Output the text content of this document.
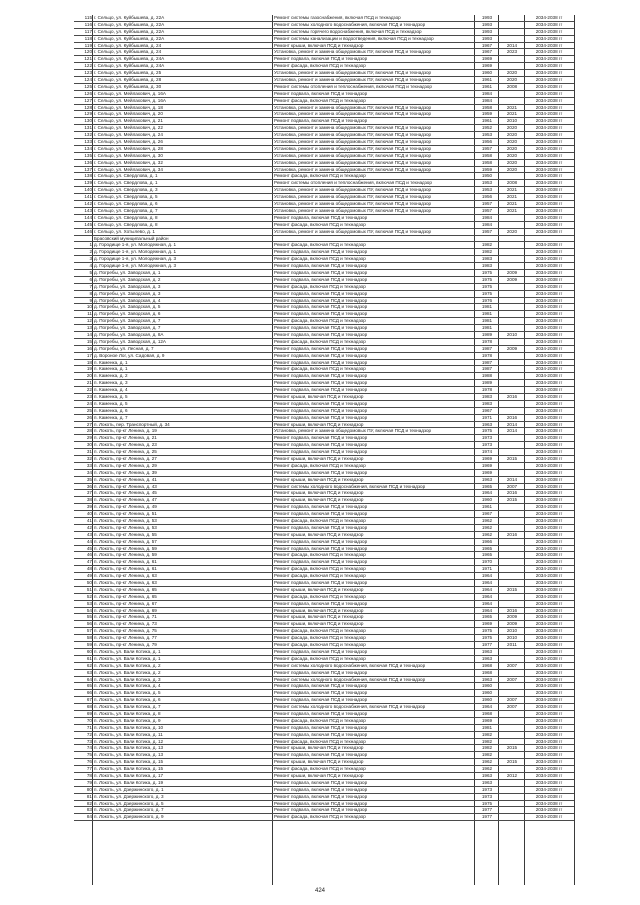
115 г. Сельцо, ул. Куйбышева, д. 22А	Ремонт системы газоснабжения, включая ПСД и технадзор	1993	2034-2038 гг
116 г. Сельцо, ул. Куйбышева, д. 22А	Ремонт системы холодного водоснабжения, включая ПСД и технадзор	1993	2034-2038 гг
117 г. Сельцо, ул. Куйбышева, д. 22А	Ремонт системы горячего водоснабжения, включая ПСД и технадзор	1993	2034-2038 гг
118 г. Сельцо, ул. Куйбышева, д. 22А	Ремонт системы канализации и водоотведения, включая ПСД и технадзор	1993	2034-2038 гг
119 г. Сельцо, ул. Куйбышева, д. 24	Ремонт крыши, включая ПСД и технадзор	1967	2014	2034-2038 гг
120 г. Сельцо, ул. Куйбышева, д. 24	Установка, ремонт и замена общедомовых ПУ, включая ПСД и технадзор	1967	2023	2034-2038 гг
121 г. Сельцо, ул. Куйбышева, д. 24А	Ремонт подвала, включая ПСД и технадзор	1969	2034-2038 гг
122 г. Сельцо, ул. Куйбышева, д. 24А	Ремонт фасада, включая ПСД и технадзор	1969	2034-2038 гг
123 г. Сельцо, ул. Куйбышева, д. 25	Установка, ремонт и замена общедомовых ПУ, включая ПСД и технадзор	1960	2020	2034-2038 гг
124 г. Сельцо, ул. Куйбышева, д. 28	Установка, ремонт и замена общедомовых ПУ, включая ПСД и технадзор	1961	2020	2034-2038 гг
125 г. Сельцо, ул. Куйбышева, д. 30	Ремонт системы отопления и теплоснабжения, включая ПСД и технадзор	1961	2008	2034-2038 гг
126 г. Сельцо, ул. Мейлахович, д. 16А	Ремонт подвала, включая ПСД и технадзор	1984	2034-2038 гг
127 г. Сельцо, ул. Мейлахович, д. 16А	Ремонт фасада, включая ПСД и технадзор	1984	2034-2038 гг
128 г. Сельцо, ул. Мейлахович, д. 18	Установка, ремонт и замена общедомовых ПУ, включая ПСД и технадзор	1958	2021	2034-2038 гг
129 г. Сельцо, ул. Мейлахович, д. 20	Установка, ремонт и замена общедомовых ПУ, включая ПСД и технадзор	1959	2021	2034-2038 гг
130 г. Сельцо, ул. Мейлахович, д. 21	Ремонт подвала, включая ПСД и технадзор	1961	2010	2034-2038 гг
131 г. Сельцо, ул. Мейлахович, д. 22	Установка, ремонт и замена общедомовых ПУ, включая ПСД и технадзор	1952	2020	2034-2038 гг
132 г. Сельцо, ул. Мейлахович, д. 24	Установка, ремонт и замена общедомовых ПУ, включая ПСД и технадзор	1953	2020	2034-2038 гг
133 г. Сельцо, ул. Мейлахович, д. 26	Установка, ремонт и замена общедомовых ПУ, включая ПСД и технадзор	1956	2020	2034-2038 гг
134 г. Сельцо, ул. Мейлахович, д. 28	Установка, ремонт и замена общедомовых ПУ, включая ПСД и технадзор	1957	2020	2034-2038 гг
135 г. Сельцо, ул. Мейлахович, д. 30	Установка, ремонт и замена общедомовых ПУ, включая ПСД и технадзор	1958	2020	2034-2038 гг
136 г. Сельцо, ул. Мейлахович, д. 32	Установка, ремонт и замена общедомовых ПУ, включая ПСД и технадзор	1958	2020	2034-2038 гг
137 г. Сельцо, ул. Мейлахович, д. 34	Установка, ремонт и замена общедомовых ПУ, включая ПСД и технадзор	1959	2020	2034-2038 гг
138 г. Сельцо, ул. Свердлова, д. 1	Ремонт фасада, включая ПСД и технадзор	1950	2034-2038 гг
139 г. Сельцо, ул. Свердлова, д. 1	Ремонт системы отопления и теплоснабжения, включая ПСД и технадзор	1953	2008	2034-2038 гг
140 г. Сельцо, ул. Свердлова, д. 3	Установка, ремонт и замена общедомовых ПУ, включая ПСД и технадзор	1953	2021	2034-2038 гг
141 г. Сельцо, ул. Свердлова, д. 5	Установка, ремонт и замена общедомовых ПУ, включая ПСД и технадзор	1956	2021	2034-2038 гг
142 г. Сельцо, ул. Свердлова, д. 6	Установка, ремонт и замена общедомовых ПУ, включая ПСД и технадзор	1957	2021	2034-2038 гг
143 г. Сельцо, ул. Свердлова, д. 7	Установка, ремонт и замена общедомовых ПУ, включая ПСД и технадзор	1957	2021	2034-2038 гг
144 г. Сельцо, ул. Свердлова, д. 8	Ремонт подвала, включая ПСД и технадзор	1984	2034-2038 гг
145 г. Сельцо, ул. Свердлова, д. 8	Ремонт фасада, включая ПСД и технадзор	1984	2034-2038 гг
146 г. Сельцо, ул. Хотылево, д. 1	Установка, ремонт и замена общедомовых ПУ, включая ПСД и технадзор	1957	2020	2034-2038 гг
Брасовский муниципальный район
1 д. Городище 1-я, ул. Молодежная, д. 1	Ремонт фасада, включая ПСД и технадзор	1982	2034-2038 гг
2 д. Городище 1-я, ул. Молодежная, д. 1	Ремонт подвала, включая ПСД и технадзор	1982	2034-2038 гг
3 д. Городище 1-я, ул. Молодежная, д. 3	Ремонт фасада, включая ПСД и технадзор	1983	2034-2038 гг
4 д. Городище 1-я, ул. Молодежная, д. 3	Ремонт подвала, включая ПСД и технадзор	1983	2034-2038 гг
5 д. Погребы, ул. Заводская, д. 1	Ремонт подвала, включая ПСД и технадзор	1975	2009	2034-2038 гг
6 д. Погребы, ул. Заводская, д. 2	Ремонт подвала, включая ПСД и технадзор	1975	2009	2034-2038 гг
7 д. Погребы, ул. Заводская, д. 3	Ремонт фасада, включая ПСД и технадзор	1975	2034-2038 гг
8 д. Погребы, ул. Заводская, д. 3	Ремонт подвала, включая ПСД и технадзор	1975	2034-2038 гг
9 д. Погребы, ул. Заводская, д. 4	Ремонт подвала, включая ПСД и технадзор	1976	2034-2038 гг
10 д. Погребы, ул. Заводская, д. 5	Ремонт подвала, включая ПСД и технадзор	1981	2034-2038 гг
11 д. Погребы, ул. Заводская, д. 6	Ремонт подвала, включая ПСД и технадзор	1981	2034-2038 гг
12 д. Погребы, ул. Заводская, д. 7	Ремонт фасада, включая ПСД и технадзор	1981	2034-2038 гг
13 д. Погребы, ул. Заводская, д. 7	Ремонт подвала, включая ПСД и технадзор	1981	2034-2038 гг
14 д. Погребы, ул. Заводская, д. 8А	Ремонт подвала, включая ПСД и технадзор	1989	2010	2034-2038 гг
15 д. Погребы, ул. Заводская, д. 12А	Ремонт фасада, включая ПСД и технадзор	1978	2034-2038 гг
16 д. Погребы, ул. Лесная, д. 7	Ремонт подвала, включая ПСД и технадзор	1987	2009	2034-2038 гг
17 д. Вороное Лог, ул. Садовая, д. 9	Ремонт подвала, включая ПСД и технадзор	1978	2034-2038 гг
18 п. Каменка, д. 1	Ремонт подвала, включая ПСД и технадзор	1987	2034-2038 гг
19 п. Каменка, д. 1	Ремонт фасада, включая ПСД и технадзор	1987	2034-2038 гг
20 п. Каменка, д. 2	Ремонт подвала, включая ПСД и технадзор	1988	2034-2038 гг
21 п. Каменка, д. 3	Ремонт подвала, включая ПСД и технадзор	1989	2034-2038 гг
22 п. Каменка, д. 4	Ремонт подвала, включая ПСД и технадзор	1978	2034-2038 гг
23 п. Каменка, д. 5	Ремонт крыши, включая ПСД и технадзор	1983	2016	2034-2038 гг
24 п. Каменка, д. 5	Ремонт подвала, включая ПСД и технадзор	1983	2034-2038 гг
25 п. Каменка, д. 6	Ремонт подвала, включая ПСД и технадзор	1967	2034-2038 гг
26 п. Каменка, д. 7	Ремонт подвала, включая ПСД и технадзор	1971	2016	2034-2038 гг
27 п. Локоть, пер. Транспортный, д. 34	Ремонт крыши, включая ПСД и технадзор	1963	2014	2034-2038 гг
28 п. Локоть, пр-кт Ленина, д. 19	Установка, ремонт и замена общедомовых ПУ, включая ПСД и технадзор	1975	2014	2034-2038 гг
29 п. Локоть, пр-кт Ленина, д. 21	Ремонт подвала, включая ПСД и технадзор	1973	2034-2038 гг
30 п. Локоть, пр-кт Ленина, д. 23	Ремонт подвала, включая ПСД и технадзор	1973	2034-2038 гг
31 п. Локоть, пр-кт Ленина, д. 25	Ремонт подвала, включая ПСД и технадзор	1974	2034-2038 гг
32 п. Локоть, пр-кт Ленина, д. 27	Ремонт крыши, включая ПСД и технадзор	1969	2015	2034-2038 гг
33 п. Локоть, пр-кт Ленина, д. 29	Ремонт фасада, включая ПСД и технадзор	1969	2034-2038 гг
34 п. Локоть, пр-кт Ленина, д. 39	Ремонт подвала, включая ПСД и технадзор	1969	2034-2038 гг
35 п. Локоть, пр-кт Ленина, д. 41	Ремонт крыши, включая ПСД и технадзор	1963	2014	2034-2038 гг
36 п. Локоть, пр-кт Ленина, д. 43	Ремонт системы холодного водоснабжения, включая ПСД и технадзор	1965	2007	2034-2038 гг
37 п. Локоть, пр-кт Ленина, д. 45	Ремонт крыши, включая ПСД и технадзор	1964	2016	2034-2038 гг
38 п. Локоть, пр-кт Ленина, д. 47	Ремонт крыши, включая ПСД и технадзор	1960	2015	2034-2038 гг
39 п. Локоть, пр-кт Ленина, д. 49	Ремонт подвала, включая ПСД и технадзор	1961	2034-2038 гг
40 п. Локоть, пр-кт Ленина, д. 51	Ремонт подвала, включая ПСД и технадзор	1967	2034-2038 гг
41 п. Локоть, пр-кт Ленина, д. 53	Ремонт фасада, включая ПСД и технадзор	1962	2034-2038 гг
42 п. Локоть, пр-кт Ленина, д. 53	Ремонт подвала, включая ПСД и технадзор	1962	2034-2038 гг
43 п. Локоть, пр-кт Ленина, д. 55	Ремонт крыши, включая ПСД и технадзор	1962	2016	2034-2038 гг
44 п. Локоть, пр-кт Ленина, д. 57	Ремонт подвала, включая ПСД и технадзор	1966	2034-2038 гг
45 п. Локоть, пр-кт Ленина, д. 59	Ремонт подвала, включая ПСД и технадзор	1965	2034-2038 гг
46 п. Локоть, пр-кт Ленина, д. 59	Ремонт фасада, включая ПСД и технадзор	1965	2034-2038 гг
47 п. Локоть, пр-кт Ленина, д. 61	Ремонт подвала, включая ПСД и технадзор	1970	2034-2038 гг
48 п. Локоть, пр-кт Ленина, д. 61	Ремонт фасада, включая ПСД и технадзор	1971	2034-2038 гг
49 п. Локоть, пр-кт Ленина, д. 63	Ремонт фасада, включая ПСД и технадзор	1964	2034-2038 гг
50 п. Локоть, пр-кт Ленина, д. 63	Ремонт подвала, включая ПСД и технадзор	1964	2034-2038 гг
51 п. Локоть, пр-кт Ленина, д. 65	Ремонт крыши, включая ПСД и технадзор	1964	2015	2034-2038 гг
52 п. Локоть, пр-кт Ленина, д. 65	Ремонт фасада, включая ПСД и технадзор	1964	2034-2038 гг
53 п. Локоть, пр-кт Ленина, д. 67	Ремонт подвала, включая ПСД и технадзор	1964	2034-2038 гг
54 п. Локоть, пр-кт Ленина, д. 69	Ремонт крыши, включая ПСД и технадзор	1964	2016	2034-2038 гг
55 п. Локоть, пр-кт Ленина, д. 71	Ремонт крыши, включая ПСД и технадзор	1965	2009	2034-2038 гг
56 п. Локоть, пр-кт Ленина, д. 73	Ремонт крыши, включая ПСД и технадзор	1969	2009	2034-2038 гг
57 п. Локоть, пр-кт Ленина, д. 75	Ремонт фасада, включая ПСД и технадзор	1975	2010	2034-2038 гг
58 п. Локоть, пр-кт Ленина, д. 77	Ремонт фасада, включая ПСД и технадзор	1975	2010	2034-2038 гг
59 п. Локоть, пр-кт Ленина, д. 79	Ремонт фасада, включая ПСД и технадзор	1977	2011	2034-2038 гг
60 п. Локоть, ул. Вали Котика, д. 1	Ремонт подвала, включая ПСД и технадзор	1963	2034-2038 гг
61 п. Локоть, ул. Вали Котика, д. 1	Ремонт фасада, включая ПСД и технадзор	1963	2034-2038 гг
62 п. Локоть, ул. Вали Котика, д. 2	Ремонт системы холодного водоснабжения, включая ПСД и технадзор	1968	2007	2034-2038 гг
63 п. Локоть, ул. Вали Котика, д. 2	Ремонт подвала, включая ПСД и технадзор	1968	2034-2038 гг
64 п. Локоть, ул. Вали Котика, д. 3	Ремонт системы холодного водоснабжения, включая ПСД и технадзор	1963	2007	2034-2038 гг
65 п. Локоть, ул. Вали Котика, д. 4	Ремонт подвала, включая ПСД и технадзор	1960	2034-2038 гг
66 п. Локоть, ул. Вали Котика, д. 5	Ремонт подвала, включая ПСД и технадзор	1960	2034-2038 гг
67 п. Локоть, ул. Вали Котика, д. 6	Ремонт подвала, включая ПСД и технадзор	1960	2007	2034-2038 гг
68 п. Локоть, ул. Вали Котика, д. 7	Ремонт системы холодного водоснабжения, включая ПСД и технадзор	1964	2007	2034-2038 гг
69 п. Локоть, ул. Вали Котика, д. 8	Ремонт подвала, включая ПСД и технадзор	1968	2034-2038 гг
70 п. Локоть, ул. Вали Котика, д. 9	Ремонт фасада, включая ПСД и технадзор	1969	2034-2038 гг
71 п. Локоть, ул. Вали Котика, д. 10	Ремонт подвала, включая ПСД и технадзор	1981	2034-2038 гг
72 п. Локоть, ул. Вали Котика, д. 11	Ремонт подвала, включая ПСД и технадзор	1982	2034-2038 гг
73 п. Локоть, ул. Вали Котика, д. 12	Ремонт фасада, включая ПСД и технадзор	1982	2034-2038 гг
74 п. Локоть, ул. Вали Котика, д. 13	Ремонт крыши, включая ПСД и технадзор	1982	2015	2034-2038 гг
75 п. Локоть, ул. Вали Котика, д. 13	Ремонт подвала, включая ПСД и технадзор	1982	2034-2038 гг
76 п. Локоть, ул. Вали Котика, д. 15	Ремонт крыши, включая ПСД и технадзор	1962	2015	2034-2038 гг
77 п. Локоть, ул. Вали Котика, д. 15	Ремонт фасада, включая ПСД и технадзор	1962	2034-2038 гг
78 п. Локоть, ул. Вали Котика, д. 17	Ремонт крыши, включая ПСД и технадзор	1963	2012	2034-2038 гг
79 п. Локоть, ул. Вали Котика, д. 19	Ремонт подвала, включая ПСД и технадзор	1963	2034-2038 гг
80 п. Локоть, ул. Дзержинского, д. 1	Ремонт подвала, включая ПСД и технадзор	1973	2034-2038 гг
81 п. Локоть, ул. Дзержинского, д. 3	Ремонт подвала, включая ПСД и технадзор	1973	2034-2038 гг
82 п. Локоть, ул. Дзержинского, д. 5	Ремонт подвала, включая ПСД и технадзор	1975	2034-2038 гг
83 п. Локоть, ул. Дзержинского, д. 7	Ремонт подвала, включая ПСД и технадзор	1977	2034-2038 гг
84 п. Локоть, ул. Дзержинского, д. 9	Ремонт фасада, включая ПСД и технадзор	1977	2034-2038 гг
424
